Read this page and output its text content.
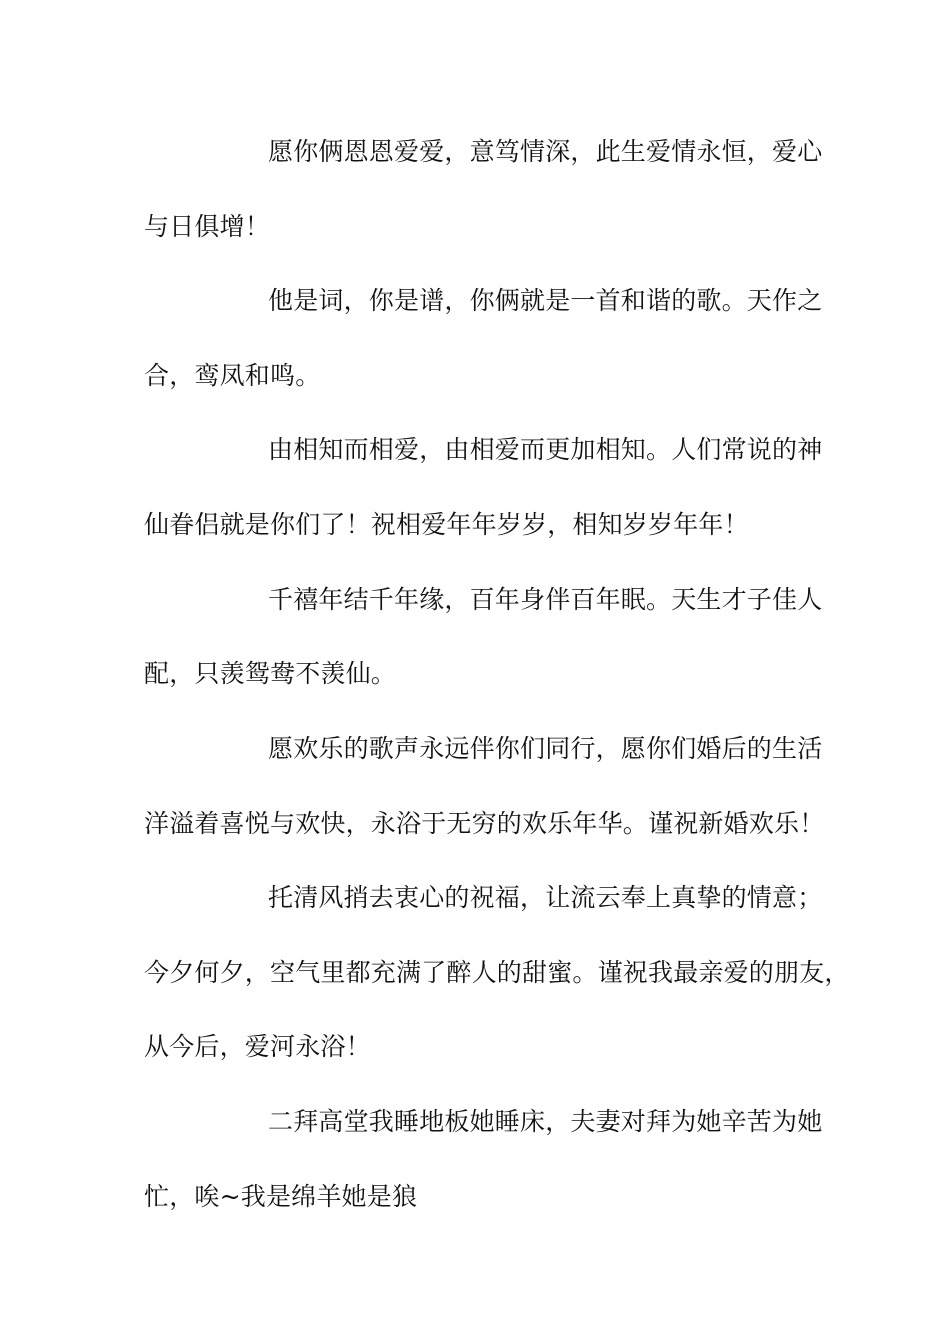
愿你俩恩恩爱爱，意笃情深，此生爱情永恒，爱心
与日俱增！
他是词，你是谱，你俩就是一首和谐的歌。天作之
合，鸾凤和鸣。
由相知而相爱，由相爱而更加相知。人们常说的神
仙眷侣就是你们了！祝相爱年年岁岁，相知岁岁年年！
千禧年结千年缘，百年身伴百年眠。天生才子佳人
配，只羡鸳鸯不羡仙。
愿欢乐的歌声永远伴你们同行，愿你们婚后的生活
洋溢着喜悦与欢快，永浴于无穷的欢乐年华。谨祝新婚欢乐！
托清风捎去衷心的祝福，让流云奉上真挚的情意；
今夕何夕，空气里都充满了醉人的甜蜜。谨祝我最亲爱的朋友，
从今后，爱河永浴！
二拜高堂我睡地板她睡床，夫妻对拜为她辛苦为她
忙，唉~我是绵羊她是狼
